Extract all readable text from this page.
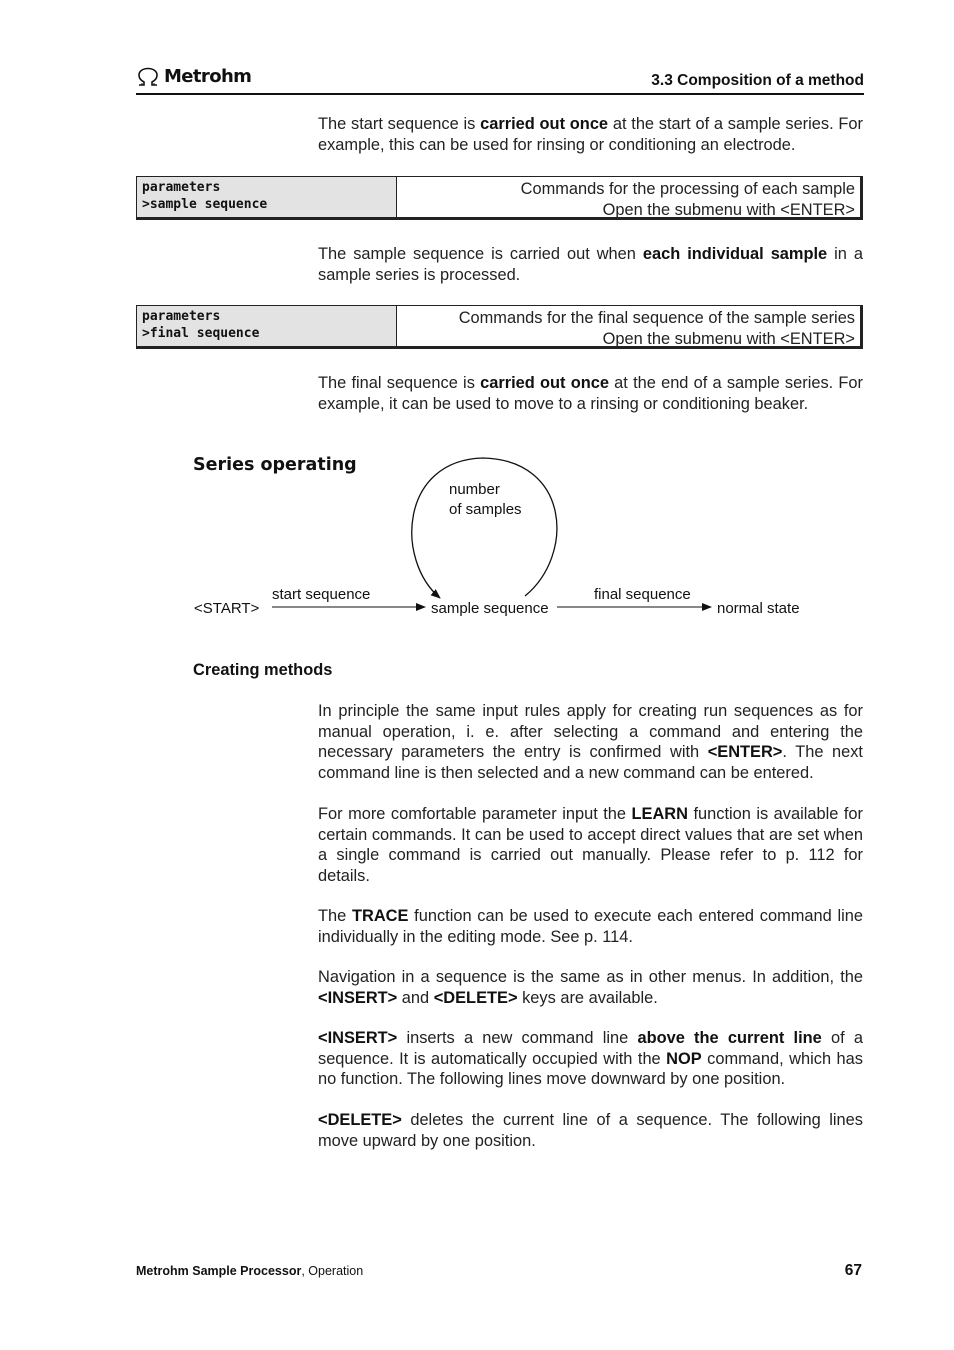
Metrohm	3.3 Composition of a method
The start sequence is carried out once at the start of a sample series. For example, this can be used for rinsing or conditioning an electrode.
parameters
>sample sequence
Commands for the processing of each sample
Open the submenu with <ENTER>
The sample sequence is carried out when each individual sample in a sample series is processed.
parameters
>final sequence
Commands for the final sequence of the sample series
Open the submenu with <ENTER>
The final sequence is carried out once at the end of a sample series. For example, it can be used to move to a rinsing or conditioning beaker.
Series operating
number
of samples
<START>
start sequence
sample sequence
final sequence
normal state
Creating methods
In principle the same input rules apply for creating run sequences as for manual operation, i. e. after selecting a command and entering the necessary parameters the entry is confirmed with <ENTER>. The next command line is then selected and a new command can be entered.
For more comfortable parameter input the LEARN function is available for certain commands. It can be used to accept direct values that are set when a single command is carried out manually. Please refer to p. 112 for details.
The TRACE function can be used to execute each entered command line individually in the editing mode. See p. 114.
Navigation in a sequence is the same as in other menus. In addition, the <INSERT> and <DELETE> keys are available.
<INSERT> inserts a new command line above the current line of a sequence. It is automatically occupied with the NOP command, which has no function. The following lines move downward by one position.
<DELETE> deletes the current line of a sequence. The following lines move upward by one position.
Metrohm Sample Processor, Operation	67
